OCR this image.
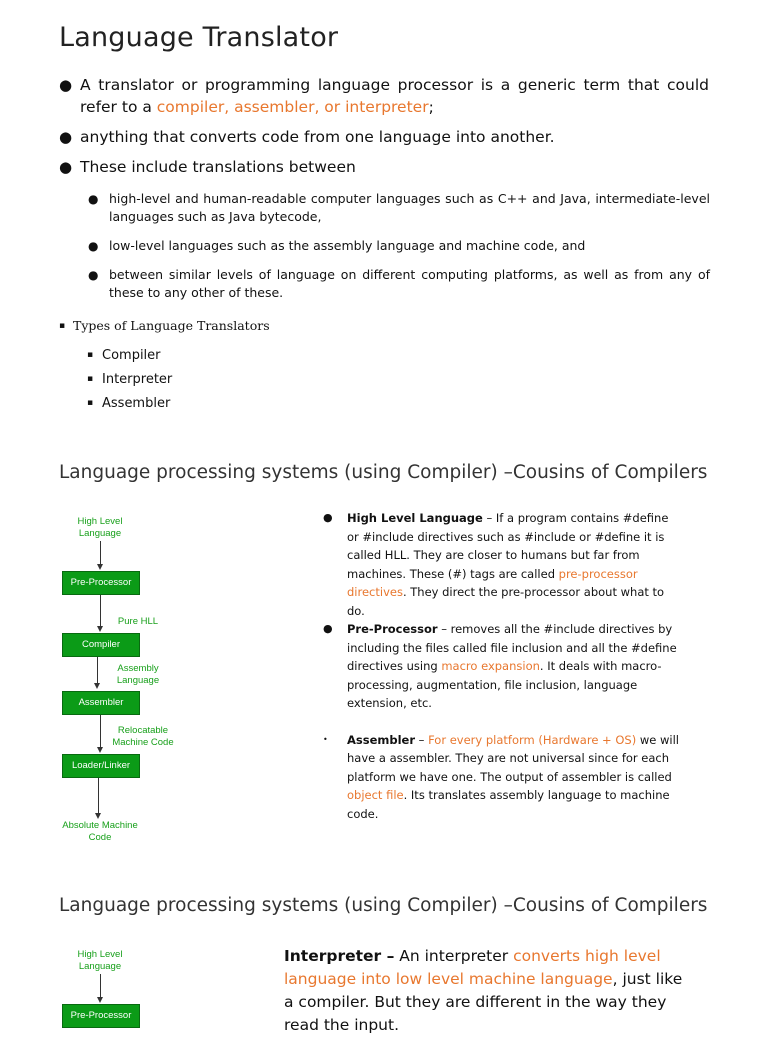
Language Translator
● A translator or programming language processor is a generic term that could refer to a compiler, assembler, or interpreter;
● anything that converts code from one language into another.
● These include translations between
● high-level and human-readable computer languages such as C++ and Java, intermediate-level languages such as Java bytecode,
● low-level languages such as the assembly language and machine code, and
● between similar levels of language on different computing platforms, as well as from any of these to any other of these.
▪ Types of Language Translators
▪ Compiler
▪ Interpreter
▪ Assembler
Language processing systems (using Compiler) –Cousins of Compilers
High Level Language
Pre-Processor
Pure HLL
Compiler
Assembly Language
Assembler
Relocatable Machine Code
Loader/Linker
Absolute Machine Code
● High Level Language – If a program contains #define or #include directives such as #include or #define it is called HLL. They are closer to humans but far from machines. These (#) tags are called pre-processor directives. They direct the pre-processor about what to do.
● Pre-Processor – removes all the #include directives by including the files called file inclusion and all the #define directives using macro expansion. It deals with macro-processing, augmentation, file inclusion, language extension, etc.
• Assembler – For every platform (Hardware + OS) we will have a assembler. They are not universal since for each platform we have one. The output of assembler is called object file. Its translates assembly language to machine code.
Language processing systems (using Compiler) –Cousins of Compilers
High Level Language
Pre-Processor

Interpreter – An interpreter converts high level language into low level machine language, just like a compiler. But they are different in the way they read the input.
